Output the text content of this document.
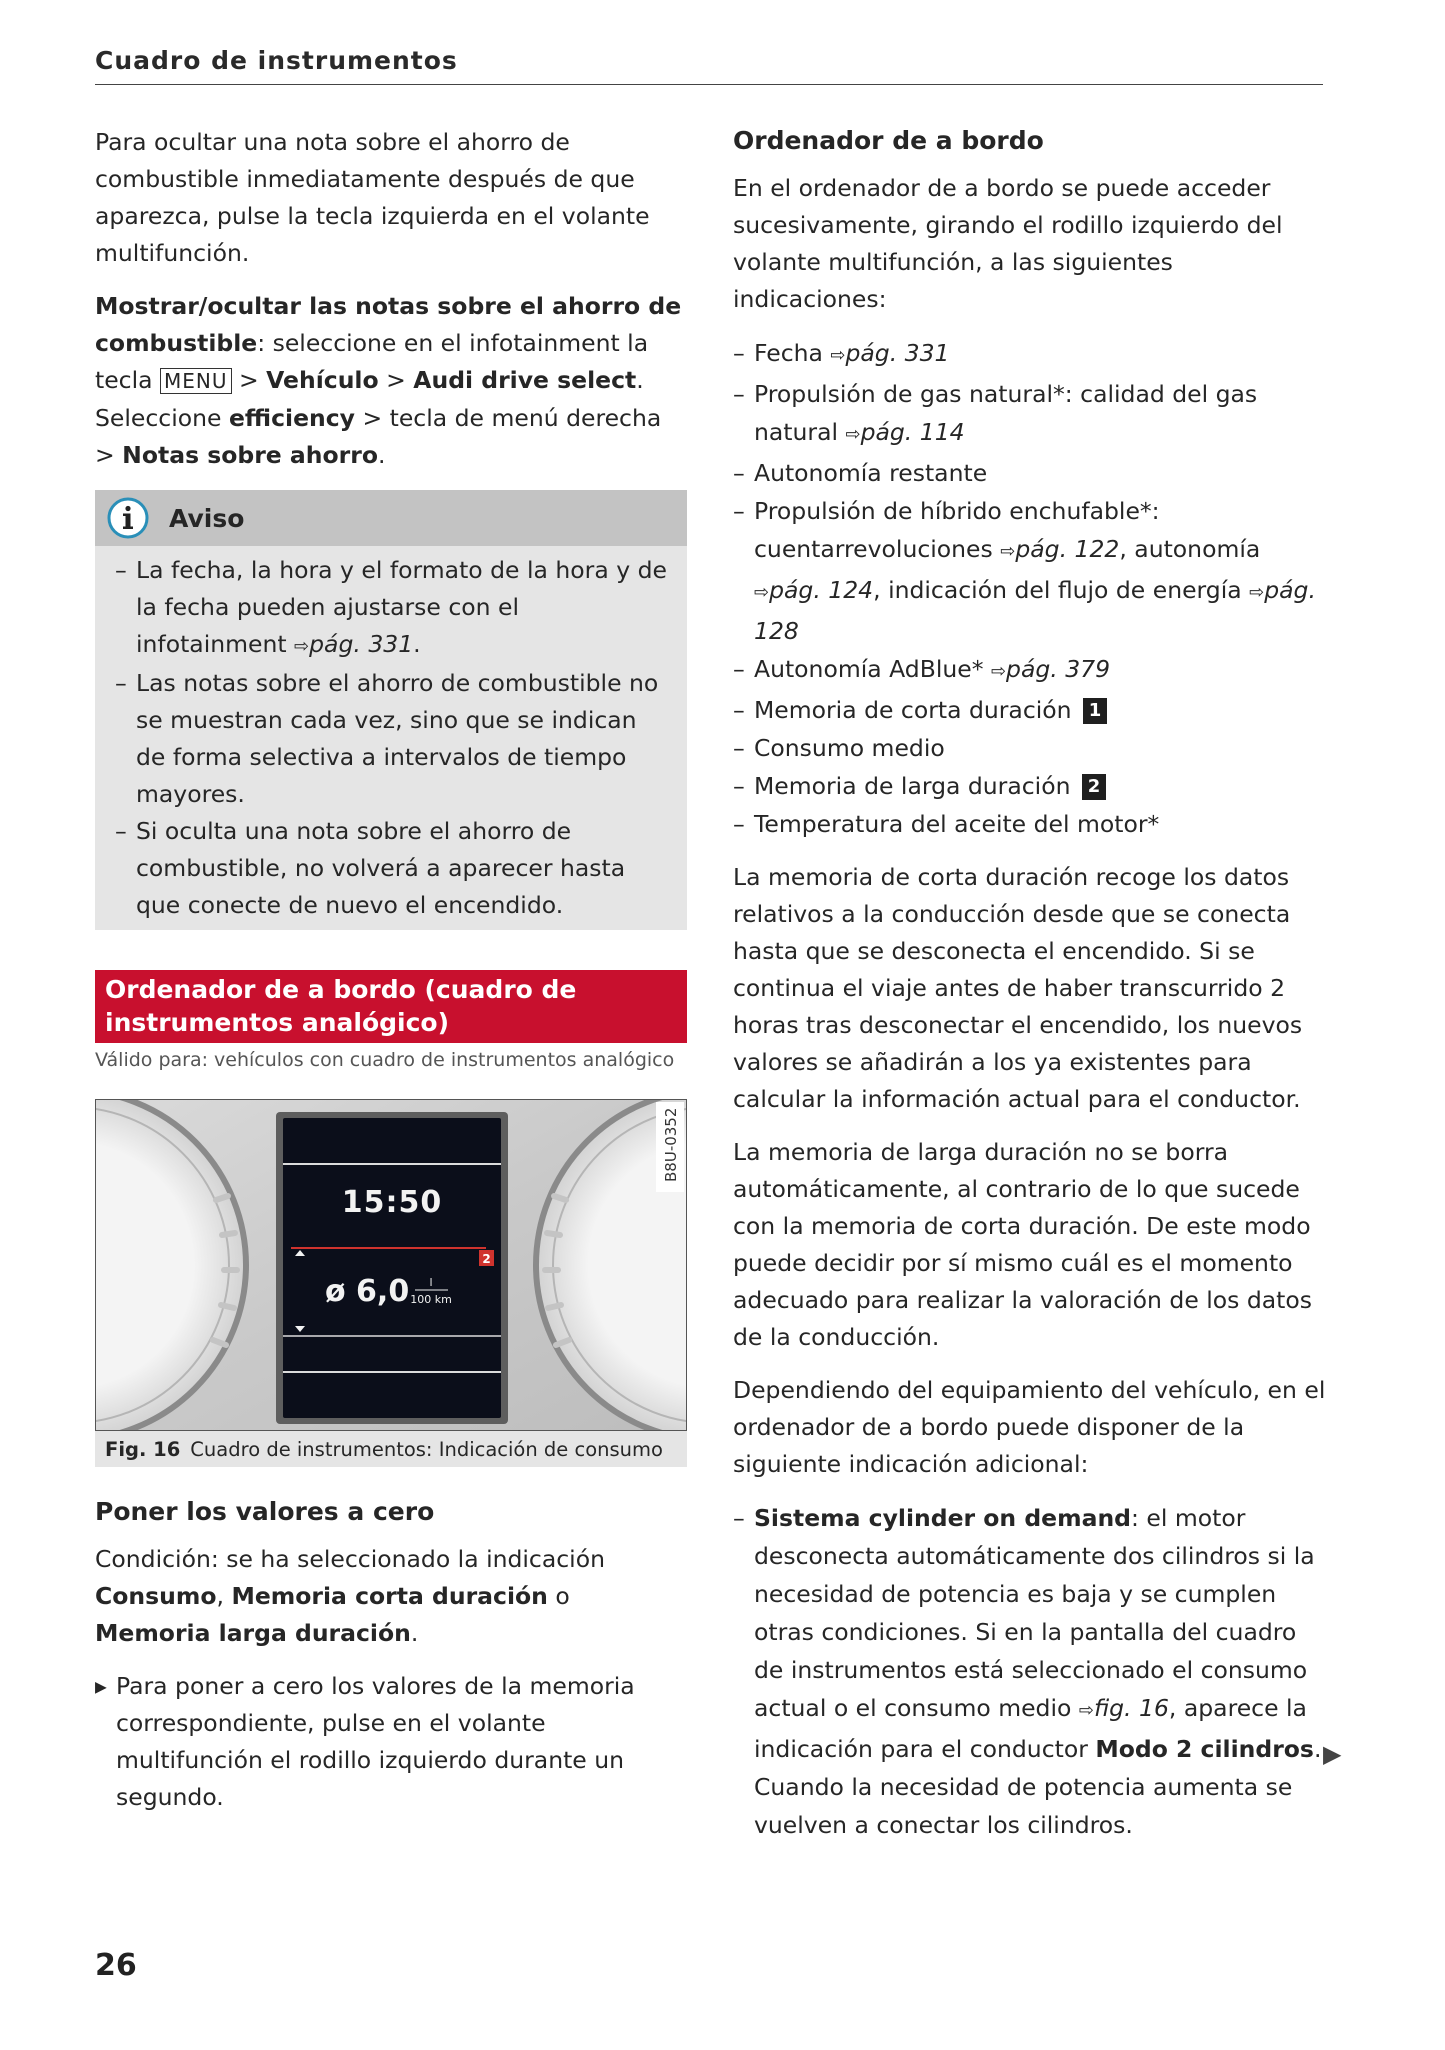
Cuadro de instrumentos

Para ocultar una nota sobre el ahorro de combustible inmediatamente después de que aparezca, pulse la tecla izquierda en el volante multifunción.

Mostrar/ocultar las notas sobre el ahorro de combustible: seleccione en el infotainment la tecla MENU > Vehículo > Audi drive select. Seleccione efficiency > tecla de menú derecha > Notas sobre ahorro.

Aviso
– La fecha, la hora y el formato de la hora y de la fecha pueden ajustarse con el infotainment ⇨pág. 331.
– Las notas sobre el ahorro de combustible no se muestran cada vez, sino que se indican de forma selectiva a intervalos de tiempo mayores.
– Si oculta una nota sobre el ahorro de combustible, no volverá a aparecer hasta que conecte de nuevo el encendido.
Ordenador de a bordo (cuadro de instrumentos analógico)
Válido para: vehículos con cuadro de instrumentos analógico
15:50
2
ø 6,0 l
100 km
B8U-0352
Fig. 16 Cuadro de instrumentos: Indicación de consumo
Poner los valores a cero

Condición: se ha seleccionado la indicación Consumo, Memoria corta duración o Memoria larga duración.

▸ Para poner a cero los valores de la memoria correspondiente, pulse en el volante multifunción el rodillo izquierdo durante un segundo.
Ordenador de a bordo

En el ordenador de a bordo se puede acceder sucesivamente, girando el rodillo izquierdo del volante multifunción, a las siguientes indicaciones:

– Fecha ⇨pág. 331
– Propulsión de gas natural*: calidad del gas natural ⇨pág. 114
– Autonomía restante
– Propulsión de híbrido enchufable*: cuentarrevoluciones ⇨pág. 122, autonomía ⇨pág. 124, indicación del flujo de energía ⇨pág. 128
– Autonomía AdBlue* ⇨pág. 379
– Memoria de corta duración 1
– Consumo medio
– Memoria de larga duración 2
– Temperatura del aceite del motor*

La memoria de corta duración recoge los datos relativos a la conducción desde que se conecta hasta que se desconecta el encendido. Si se continua el viaje antes de haber transcurrido 2 horas tras desconectar el encendido, los nuevos valores se añadirán a los ya existentes para calcular la información actual para el conductor.

La memoria de larga duración no se borra automáticamente, al contrario de lo que sucede con la memoria de corta duración. De este modo puede decidir por sí mismo cuál es el momento adecuado para realizar la valoración de los datos de la conducción.

Dependiendo del equipamiento del vehículo, en el ordenador de a bordo puede disponer de la siguiente indicación adicional:

– Sistema cylinder on demand: el motor desconecta automáticamente dos cilindros si la necesidad de potencia es baja y se cumplen otras condiciones. Si en la pantalla del cuadro de instrumentos está seleccionado el consumo actual o el consumo medio ⇨fig. 16, aparece la indicación para el conductor Modo 2 cilindros. Cuando la necesidad de potencia aumenta se vuelven a conectar los cilindros.
▶
26
